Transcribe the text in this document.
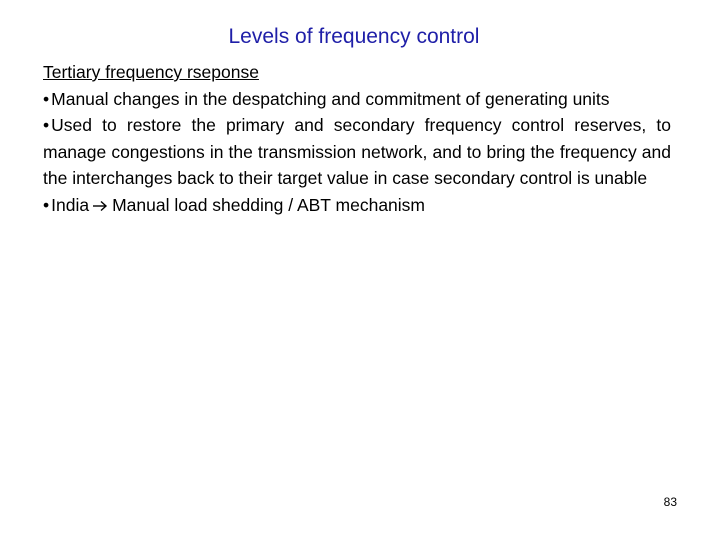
Levels of frequency control

Tertiary frequency rseponse

• Manual changes in the despatching and commitment of generating units

• Used to restore the primary and secondary frequency control reserves, to manage congestions in the transmission network, and to bring the frequency and the interchanges back to their target value in case secondary control is unable

• India Manual load shedding / ABT mechanism

83
